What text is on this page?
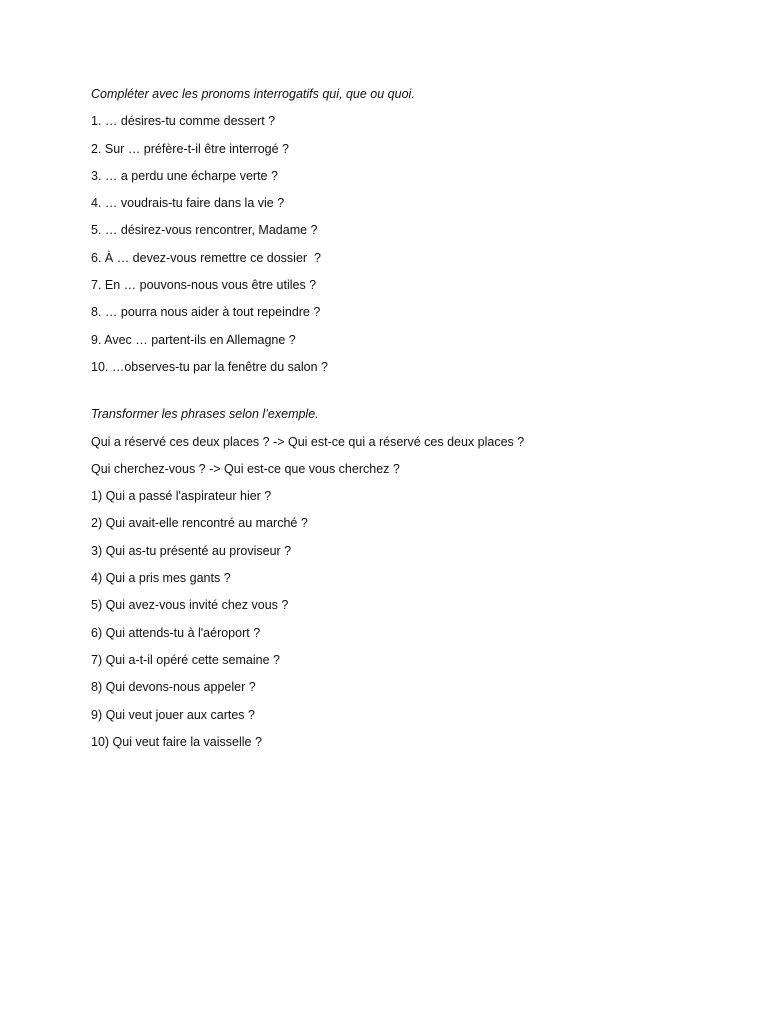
Compléter avec les pronoms interrogatifs qui, que ou quoi.
1. … désires-tu comme dessert ?
2. Sur … préfère-t-il être interrogé ?
3. … a perdu une écharpe verte ?
4. … voudrais-tu faire dans la vie ?
5. … désirez-vous rencontrer, Madame ?
6. À … devez-vous remettre ce dossier  ?
7. En … pouvons-nous vous être utiles ?
8. … pourra nous aider à tout repeindre ?
9. Avec … partent-ils en Allemagne ?
10. …observes-tu par la fenêtre du salon ?
Transformer les phrases selon l’exemple.
Qui a réservé ces deux places ? -> Qui est-ce qui a réservé ces deux places ?
Qui cherchez-vous ? -> Qui est-ce que vous cherchez ?
1) Qui a passé l'aspirateur hier ?
2) Qui avait-elle rencontré au marché ?
3) Qui as-tu présenté au proviseur ?
4) Qui a pris mes gants ?
5) Qui avez-vous invité chez vous ?
6) Qui attends-tu à l'aéroport ?
7) Qui a-t-il opéré cette semaine ?
8) Qui devons-nous appeler ?
9) Qui veut jouer aux cartes ?
10) Qui veut faire la vaisselle ?
